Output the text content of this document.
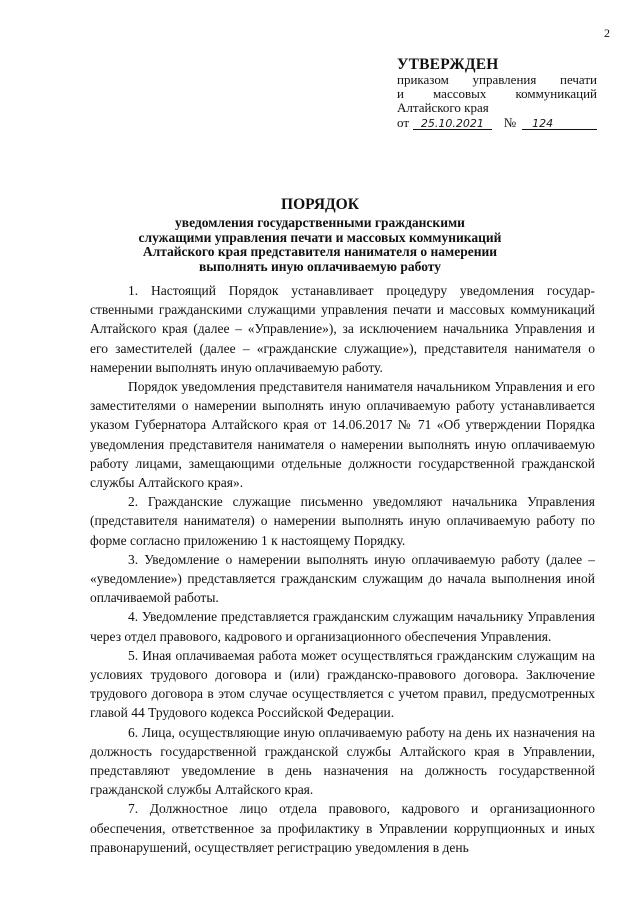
2
УТВЕРЖДЕН
приказом управления печати
и массовых коммуникаций
Алтайского края
от	25.10.2021	№	124
ПОРЯДОК
уведомления государственными гражданскими
служащими управления печати и массовых коммуникаций
Алтайского края представителя нанимателя о намерении
выполнять иную оплачиваемую работу

1. Настоящий Порядок устанавливает процедуру уведомления государственными гражданскими служащими управления печати и массовых коммуникаций Алтайского края (далее – «Управление»), за исключением начальника Управления и его заместителей (далее – «гражданские служащие»), представителя нанимателя о намерении выполнять иную оплачиваемую работу.

Порядок уведомления представителя нанимателя начальником Управления и его заместителями о намерении выполнять иную оплачиваемую работу устанавливается указом Губернатора Алтайского края от 14.06.2017 № 71 «Об утверждении Порядка уведомления представителя нанимателя о намерении выполнять иную оплачиваемую работу лицами, замещающими отдельные должности государственной гражданской службы Алтайского края».

2. Гражданские служащие письменно уведомляют начальника Управления (представителя нанимателя) о намерении выполнять иную оплачиваемую работу по форме согласно приложению 1 к настоящему Порядку.

3. Уведомление о намерении выполнять иную оплачиваемую работу (далее – «уведомление») представляется гражданским служащим до начала выполнения иной оплачиваемой работы.

4. Уведомление представляется гражданским служащим начальнику Управления через отдел правового, кадрового и организационного обеспечения Управления.

5. Иная оплачиваемая работа может осуществляться гражданским служащим на условиях трудового договора и (или) гражданско-правового договора. Заключение трудового договора в этом случае осуществляется с учетом правил, предусмотренных главой 44 Трудового кодекса Российской Федерации.

6. Лица, осуществляющие иную оплачиваемую работу на день их назначения на должность государственной гражданской службы Алтайского края в Управлении, представляют уведомление в день назначения на должность государственной гражданской службы Алтайского края.

7. Должностное лицо отдела правового, кадрового и организационного обеспечения, ответственное за профилактику в Управлении коррупционных и иных правонарушений, осуществляет регистрацию уведомления в день
